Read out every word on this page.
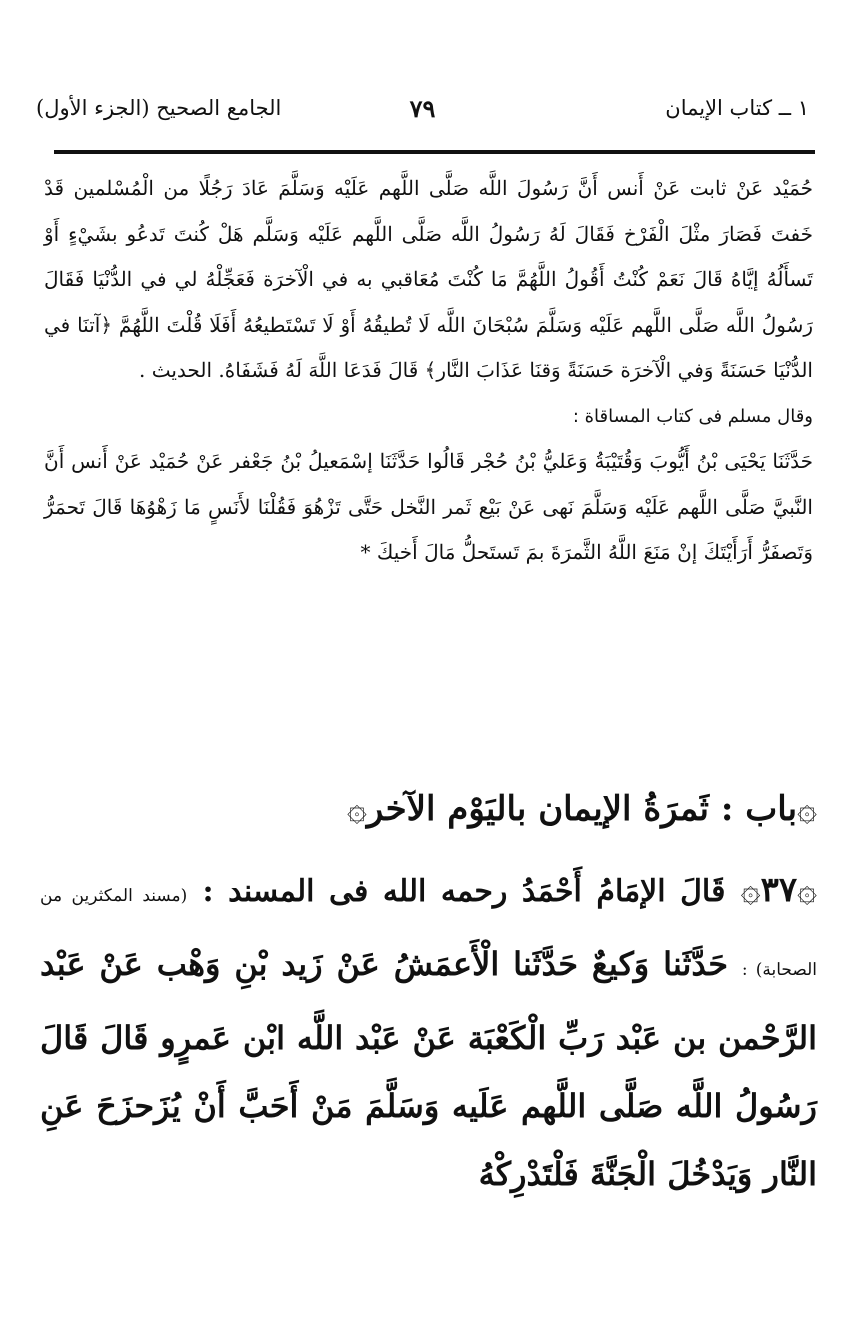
١ ــ كتاب الإيمان
٧٩
الجامع الصحيح (الجزء الأول)

حُمَيْد عَنْ ثابت عَنْ أَنس أَنَّ رَسُولَ اللَّه صَلَّى اللَّهم عَلَيْه وَسَلَّمَ عَادَ رَجُلًا من الْمُسْلمين قَدْ خَفتَ فَصَارَ مثْلَ الْفَرْخ فَقَالَ لَهُ رَسُولُ اللَّه صَلَّى اللَّهم عَلَيْه وَسَلَّم هَلْ كُنتَ تَدعُو بشَيْءٍ أَوْ تَسأَلُهُ إيَّاهُ قَالَ نَعَمْ كُنْتُ أَقُولُ اللَّهُمَّ مَا كُنْتَ مُعَاقبي به في الْآخرَة فَعَجِّلْهُ لي في الدُّنْيَا فَقَالَ رَسُولُ اللَّه صَلَّى اللَّهم عَلَيْه وَسَلَّمَ سُبْحَانَ اللَّه لَا تُطيقُهُ أَوْ لَا تَسْتَطيعُهُ أَفَلَا قُلْتَ اللَّهُمَّ ﴿آتنَا في الدُّنْيَا حَسَنَةً وَفي الْآخرَة حَسَنَةً وَقنَا عَذَابَ النَّار﴾ قَالَ فَدَعَا اللَّهَ لَهُ فَشَفَاهُ. الحديث .

وقال مسلم فى كتاب المساقاة :

حَدَّثَنَا يَحْيَى بْنُ أَيُّوبَ وَقُتَيْبَةُ وَعَليُّ بْنُ حُجْر قَالُوا حَدَّثَنَا إسْمَعيلُ بْنُ جَعْفر عَنْ حُمَيْد عَنْ أَنس أَنَّ النَّبيَّ صَلَّى اللَّهم عَلَيْه وَسَلَّمَ نَهى عَنْ بَيْع ثَمر النَّخل حَتَّى تَزْهُوَ فَقُلْنَا لأَنَسٍ مَا زَهْوُهَا قَالَ تَحمَرُّ وَتَصفَرُّ أَرَأَيْتَكَ إنْ مَنَعَ اللَّهُ الثَّمرَةَ بمَ تَستَحلُّ مَالَ أَخيكَ *

۞باب : ثَمرَةُ الإيمان باليَوْم الآخر۞

۞٣٧۞ قَالَ الإمَامُ أَحْمَدُ رحمه الله فى المسند : (مسند المكثرين من الصحابة) : حَدَّثَنا وَكيعٌ حَدَّثَنا الْأَعمَشُ عَنْ زَيد بْنِ وَهْب عَنْ عَبْد الرَّحْمن بن عَبْد رَبِّ الْكَعْبَة عَنْ عَبْد اللَّه ابْن عَمرٍو قَالَ قَالَ رَسُولُ اللَّه صَلَّى اللَّهم عَلَيه وَسَلَّمَ مَنْ أَحَبَّ أَنْ يُزَحزَحَ عَنِ النَّار وَيَدْخُلَ الْجَنَّةَ فَلْتَدْرِكْهُ
